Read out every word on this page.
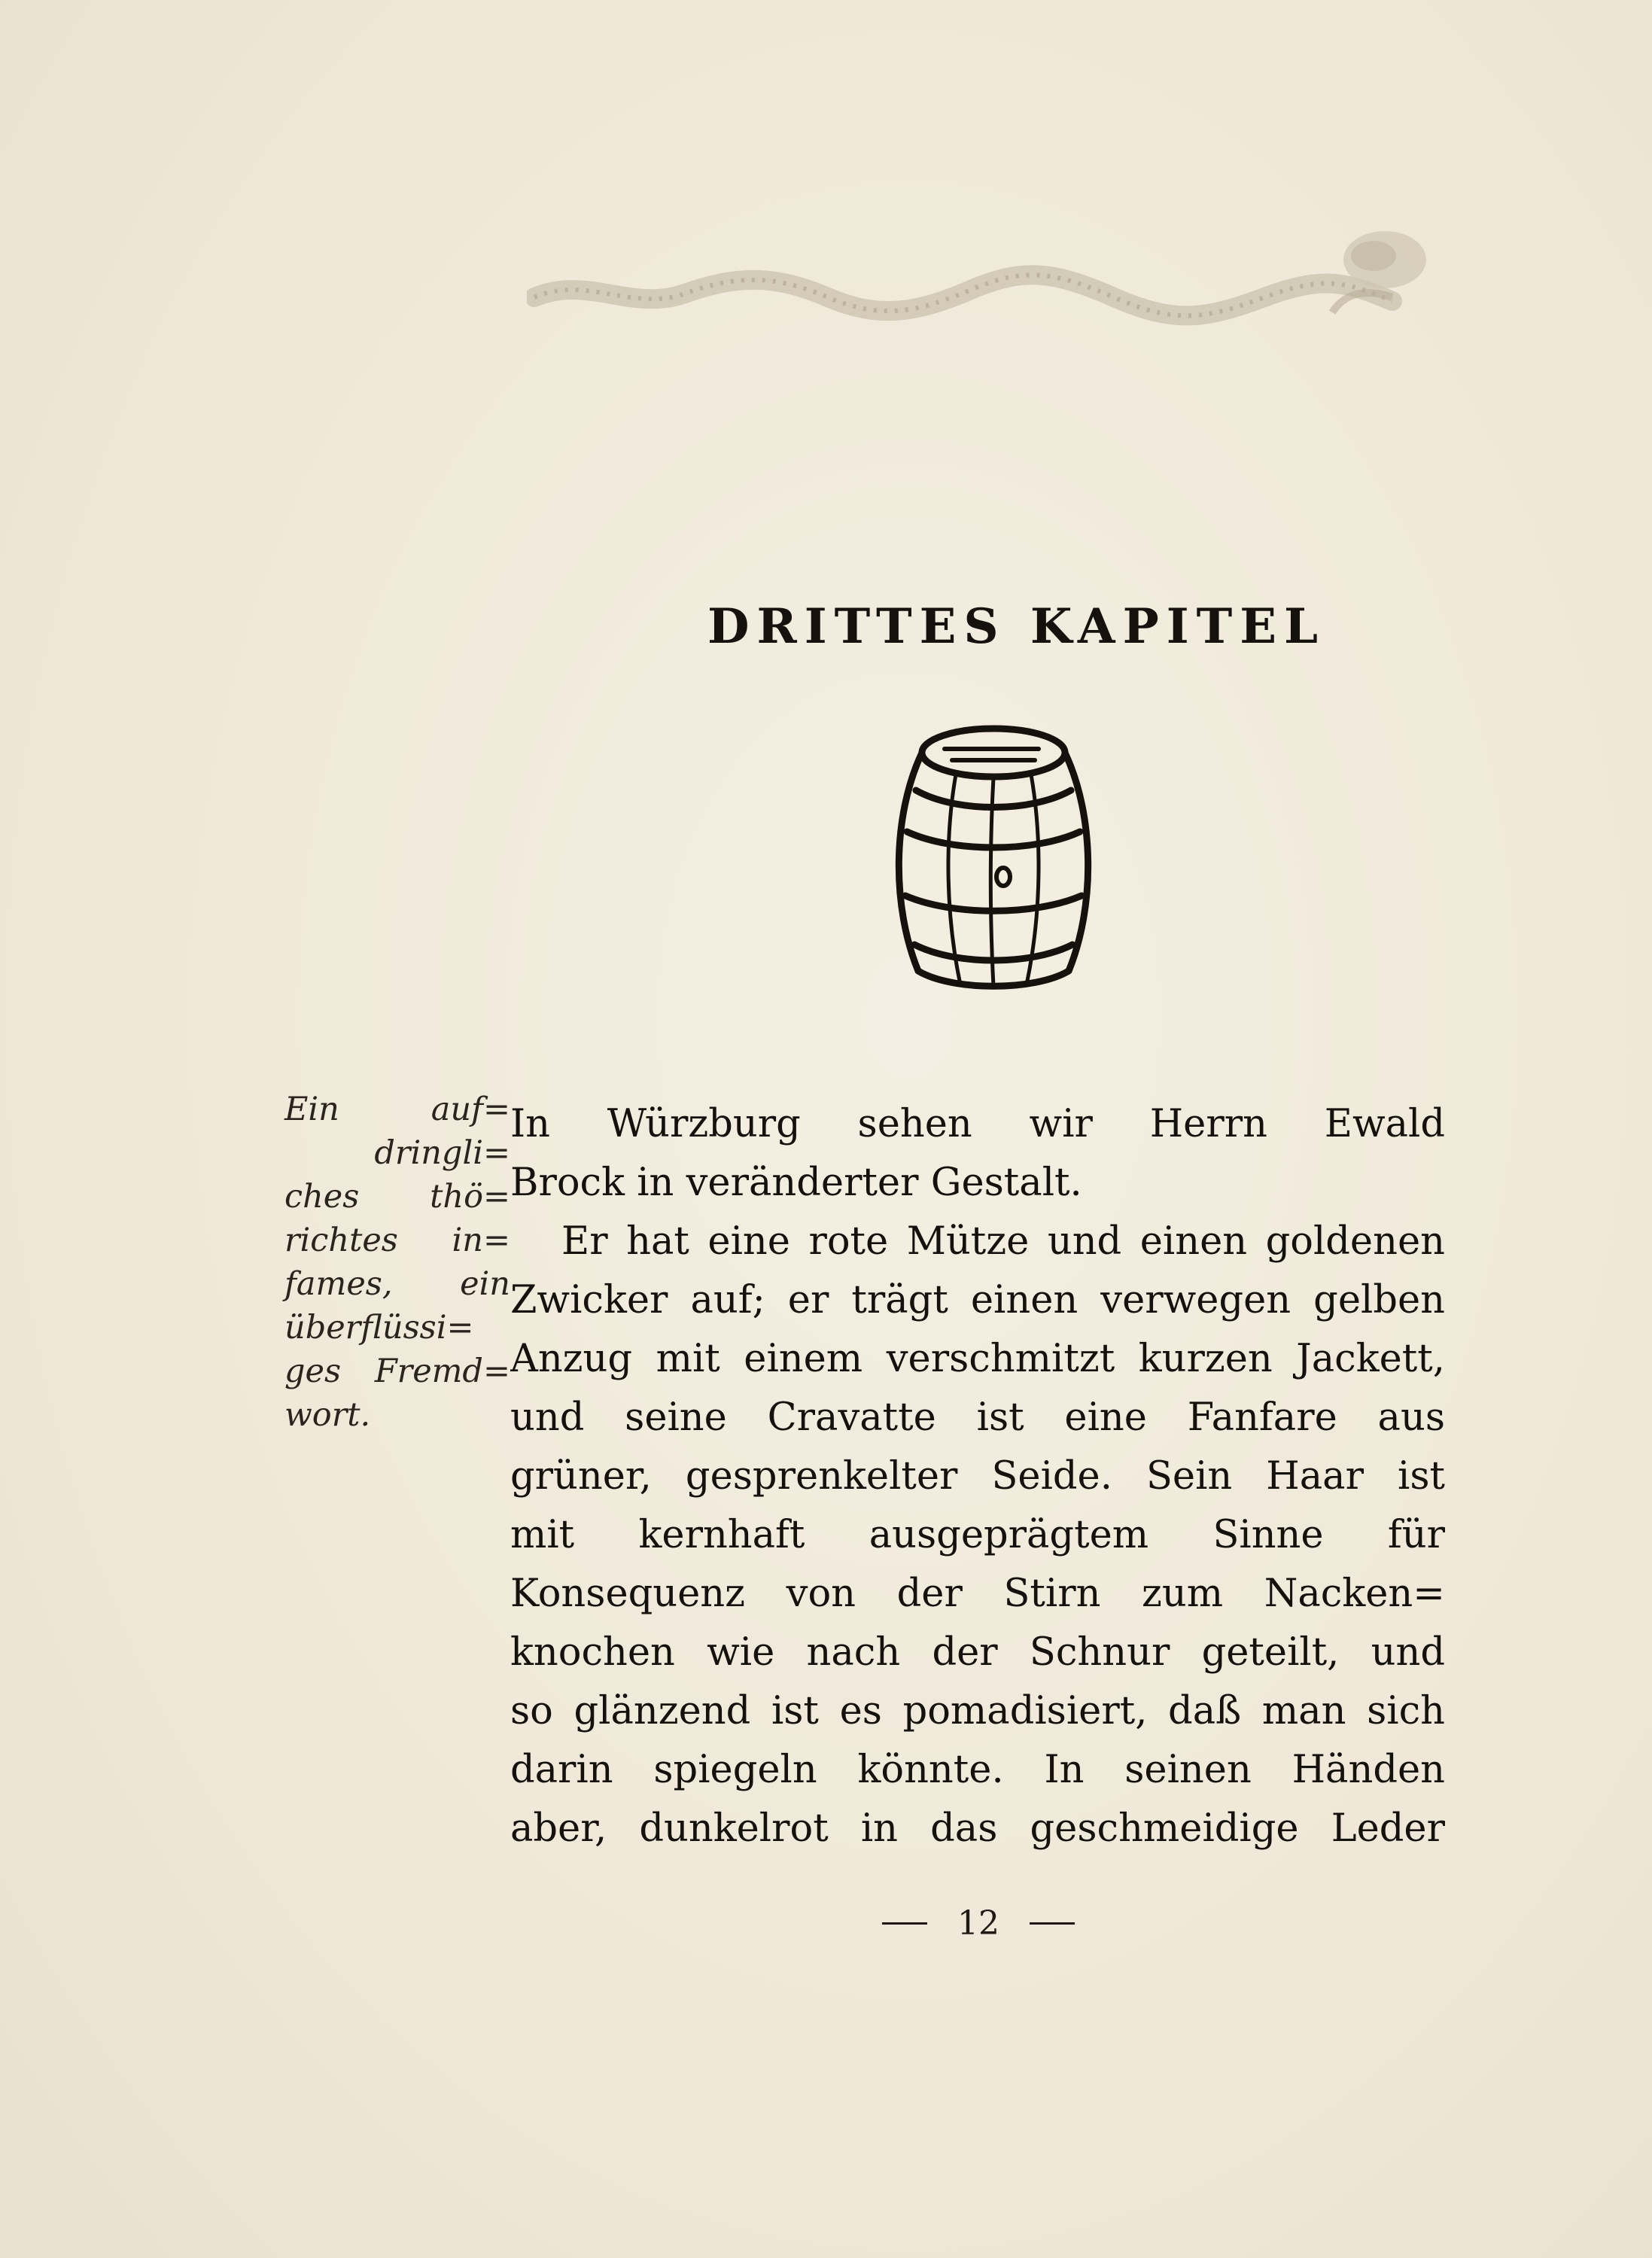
DRITTES KAPITEL
Ein auf=
dringli=
ches thö=
richtes in=
fames, ein
überflüssi=
ges Fremd=
wort.
In Würzburg sehen wir Herrn Ewald
Brock in veränderter Gestalt.
Er hat eine rote Mütze und einen goldenen
Zwicker auf; er trägt einen verwegen gelben
Anzug mit einem verschmitzt kurzen Jackett,
und seine Cravatte ist eine Fanfare aus
grüner, gesprenkelter Seide. Sein Haar ist
mit kernhaft ausgeprägtem Sinne für
Konsequenz von der Stirn zum Nacken=
knochen wie nach der Schnur geteilt, und
so glänzend ist es pomadisiert, daß man sich
darin spiegeln könnte. In seinen Händen
aber, dunkelrot in das geschmeidige Leder
12
